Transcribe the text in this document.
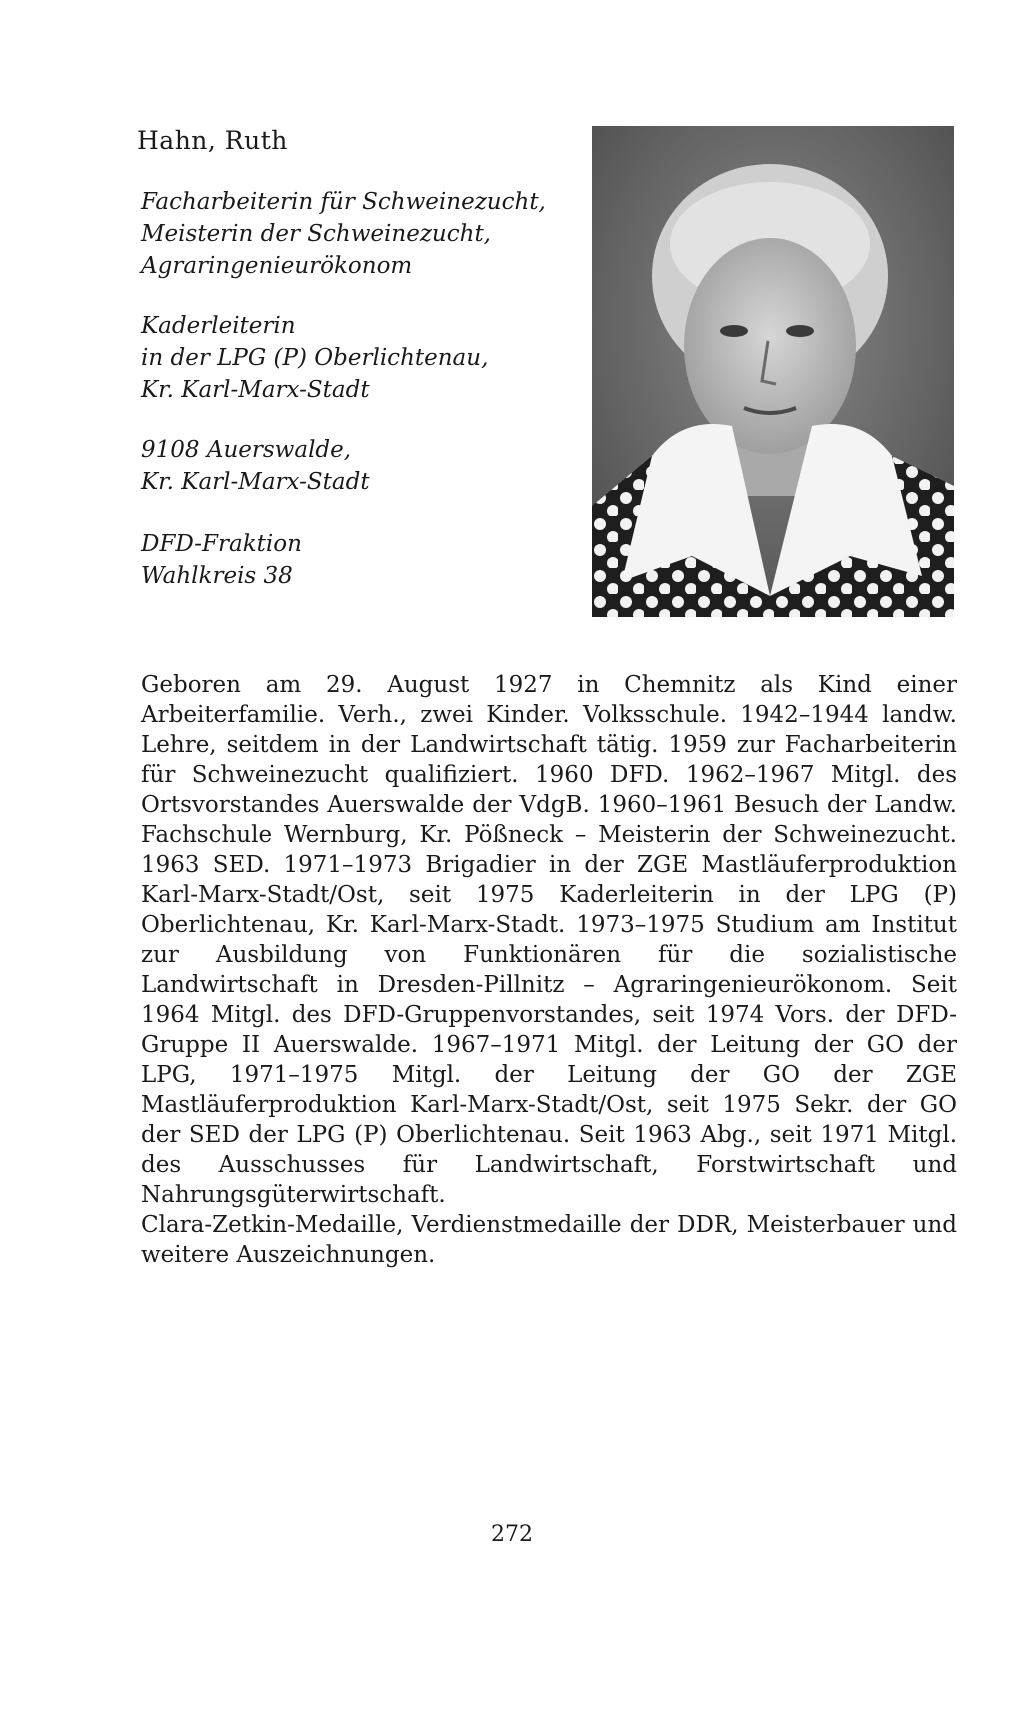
Hahn, Ruth
Facharbeiterin für Schweinezucht,
Meisterin der Schweinezucht,
Agraringenieurökonom
Kaderleiterin
in der LPG (P) Oberlichtenau,
Kr. Karl-Marx-Stadt
9108 Auerswalde,
Kr. Karl-Marx-Stadt
DFD-Fraktion
Wahlkreis 38

Geboren am 29. August 1927 in Chemnitz als Kind einer Arbeiterfamilie. Verh., zwei Kinder. Volksschule. 1942–1944 landw. Lehre, seitdem in der Landwirtschaft tätig. 1959 zur Facharbeiterin für Schweinezucht qualifiziert. 1960 DFD. 1962–1967 Mitgl. des Ortsvorstandes Auerswalde der VdgB. 1960–1961 Besuch der Landw. Fachschule Wernburg, Kr. Pößneck – Meisterin der Schweinezucht. 1963 SED. 1971–1973 Brigadier in der ZGE Mastläuferproduktion Karl-Marx-Stadt/Ost, seit 1975 Kaderleiterin in der LPG (P) Oberlichtenau, Kr. Karl-Marx-Stadt. 1973–1975 Studium am Institut zur Ausbildung von Funktionären für die sozialistische Landwirtschaft in Dresden-Pillnitz – Agraringenieurökonom. Seit 1964 Mitgl. des DFD-Gruppenvorstandes, seit 1974 Vors. der DFD-Gruppe II Auerswalde. 1967–1971 Mitgl. der Leitung der GO der LPG, 1971–1975 Mitgl. der Leitung der GO der ZGE Mastläuferproduktion Karl-Marx-Stadt/Ost, seit 1975 Sekr. der GO der SED der LPG (P) Oberlichtenau. Seit 1963 Abg., seit 1971 Mitgl. des Ausschusses für Landwirtschaft, Forstwirtschaft und Nahrungsgüterwirtschaft.

Clara-Zetkin-Medaille, Verdienstmedaille der DDR, Meisterbauer und weitere Auszeichnungen.

272
